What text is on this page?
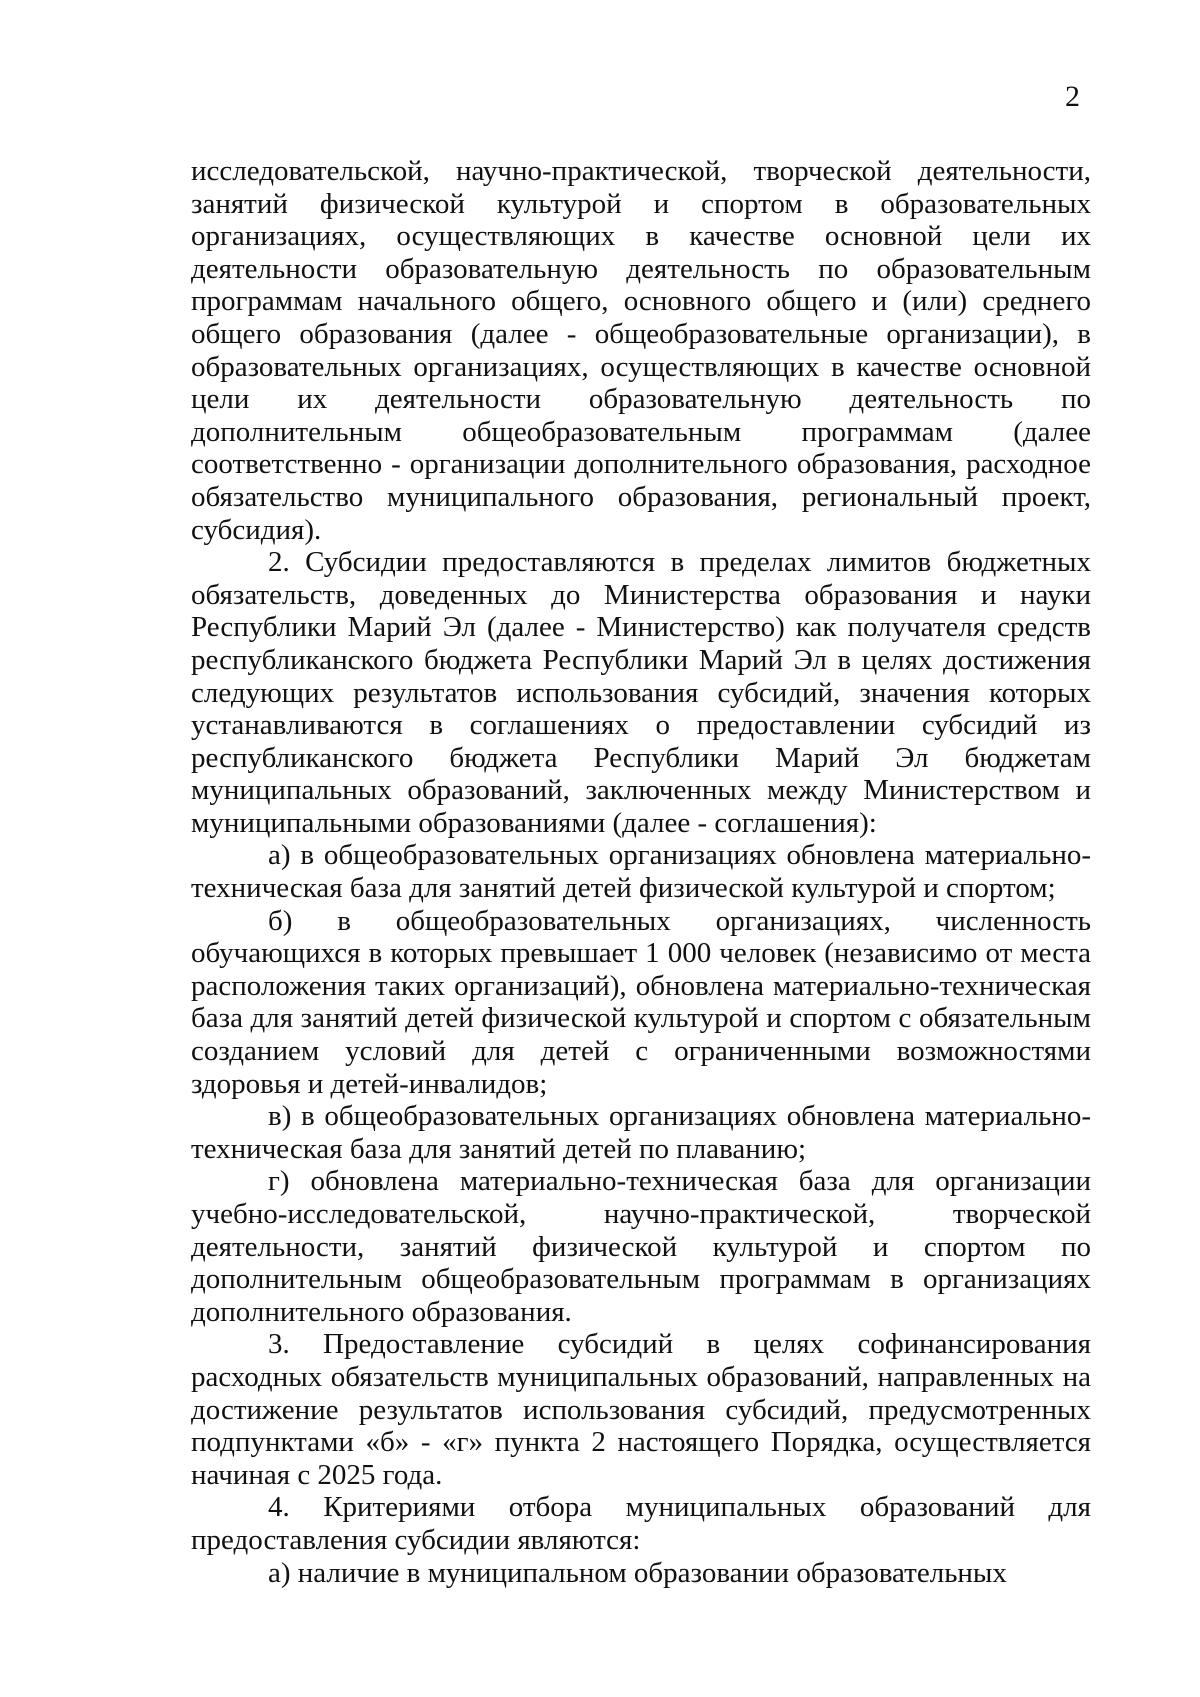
2

исследовательской, научно-практической, творческой деятельности, занятий физической культурой и спортом в образовательных организациях, осуществляющих в качестве основной цели их деятельности образовательную деятельность по образовательным программам начального общего, основного общего и (или) среднего общего образования (далее - общеобразовательные организации), в образовательных организациях, осуществляющих в качестве основной цели их деятельности образовательную деятельность по дополнительным общеобразовательным программам (далее соответственно - организации дополнительного образования, расходное обязательство муниципального образования, региональный проект, субсидия).

2. Субсидии предоставляются в пределах лимитов бюджетных обязательств, доведенных до Министерства образования и науки Республики Марий Эл (далее - Министерство) как получателя средств республиканского бюджета Республики Марий Эл в целях достижения следующих результатов использования субсидий, значения которых устанавливаются в соглашениях о предоставлении субсидий из республиканского бюджета Республики Марий Эл бюджетам муниципальных образований, заключенных между Министерством и муниципальными образованиями (далее - соглашения):

а) в общеобразовательных организациях обновлена материально-техническая база для занятий детей физической культурой и спортом;

б) в общеобразовательных организациях, численность обучающихся в которых превышает 1 000 человек (независимо от места расположения таких организаций), обновлена материально-техническая база для занятий детей физической культурой и спортом с обязательным созданием условий для детей с ограниченными возможностями здоровья и детей-инвалидов;

в) в общеобразовательных организациях обновлена материально-техническая база для занятий детей по плаванию;

г) обновлена материально-техническая база для организации учебно-исследовательской, научно-практической, творческой деятельности, занятий физической культурой и спортом по дополнительным общеобразовательным программам в организациях дополнительного образования.

3. Предоставление субсидий в целях софинансирования расходных обязательств муниципальных образований, направленных на достижение результатов использования субсидий, предусмотренных подпунктами «б» - «г» пункта 2 настоящего Порядка, осуществляется начиная с 2025 года.

4. Критериями отбора муниципальных образований для предоставления субсидии являются:

а) наличие в муниципальном образовании образовательных
